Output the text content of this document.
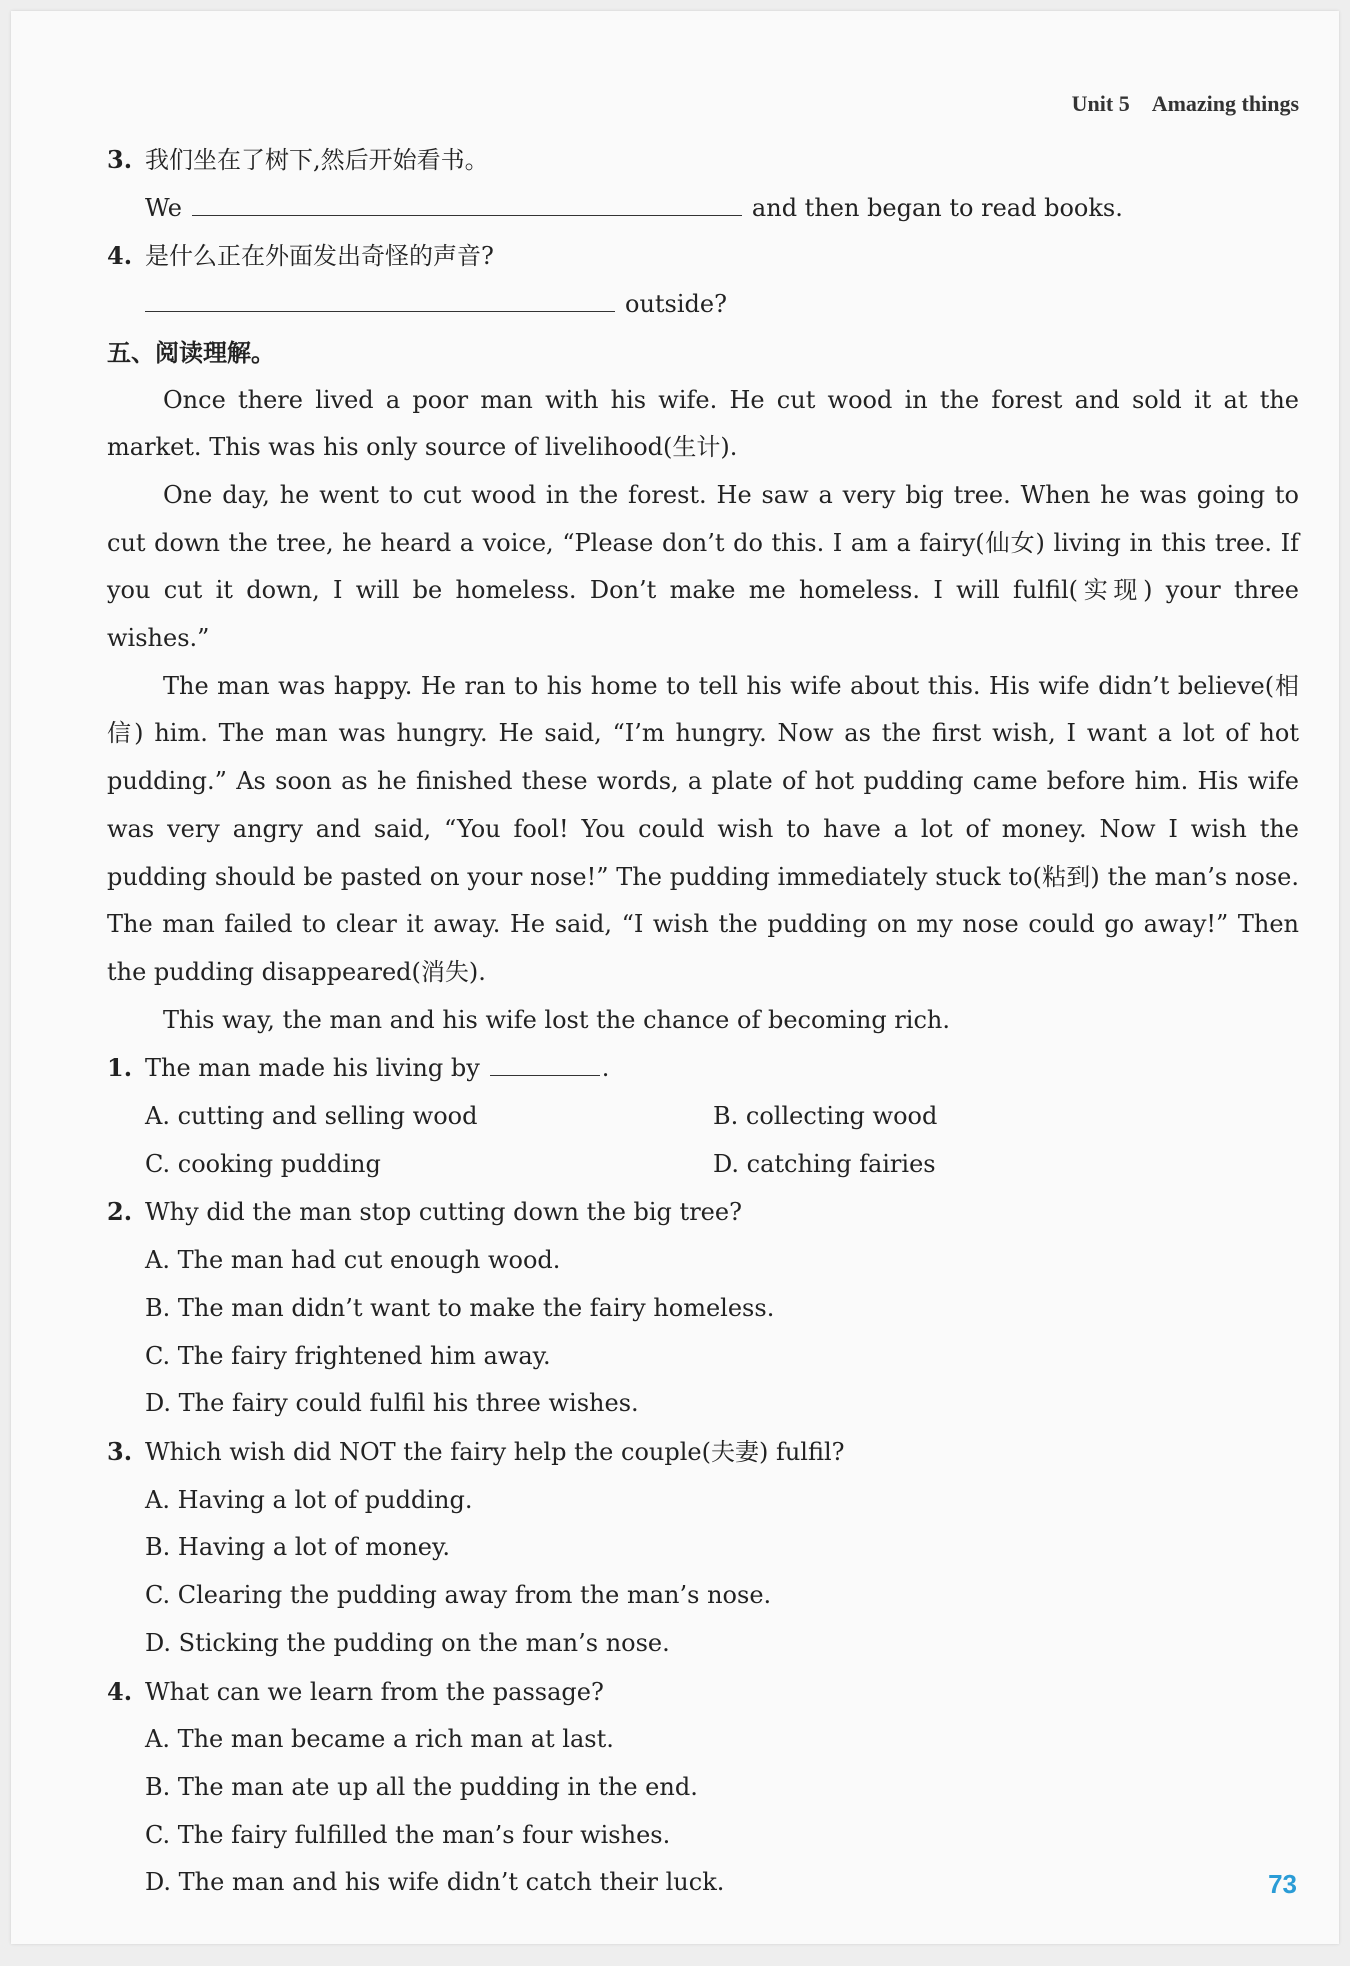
Unit 5 Amazing things
3. 我们坐在了树下,然后开始看书。
We	and then began to read books.
4. 是什么正在外面发出奇怪的声音?
outside?
五、阅读理解。
Once there lived a poor man with his wife. He cut wood in the forest and sold it at the market. This was his only source of livelihood(生计).
One day, he went to cut wood in the forest. He saw a very big tree. When he was going to cut down the tree, he heard a voice, “Please don’t do this. I am a fairy(仙女) living in this tree. If you cut it down, I will be homeless. Don’t make me homeless. I will fulfil(实现) your three wishes.”
The man was happy. He ran to his home to tell his wife about this. His wife didn’t believe(相信) him. The man was hungry. He said, “I’m hungry. Now as the first wish, I want a lot of hot pudding.” As soon as he finished these words, a plate of hot pudding came before him. His wife was very angry and said, “You fool! You could wish to have a lot of money. Now I wish the pudding should be pasted on your nose!” The pudding immediately stuck to(粘到) the man’s nose. The man failed to clear it away. He said, “I wish the pudding on my nose could go away!” Then the pudding disappeared(消失).
This way, the man and his wife lost the chance of becoming rich.
1. The man made his living by	.
A. cutting and selling wood	B. collecting wood
C. cooking pudding	D. catching fairies
2. Why did the man stop cutting down the big tree?
A. The man had cut enough wood.
B. The man didn’t want to make the fairy homeless.
C. The fairy frightened him away.
D. The fairy could fulfil his three wishes.
3. Which wish did NOT the fairy help the couple(夫妻) fulfil?
A. Having a lot of pudding.
B. Having a lot of money.
C. Clearing the pudding away from the man’s nose.
D. Sticking the pudding on the man’s nose.
4. What can we learn from the passage?
A. The man became a rich man at last.
B. The man ate up all the pudding in the end.
C. The fairy fulfilled the man’s four wishes.
D. The man and his wife didn’t catch their luck.	73
